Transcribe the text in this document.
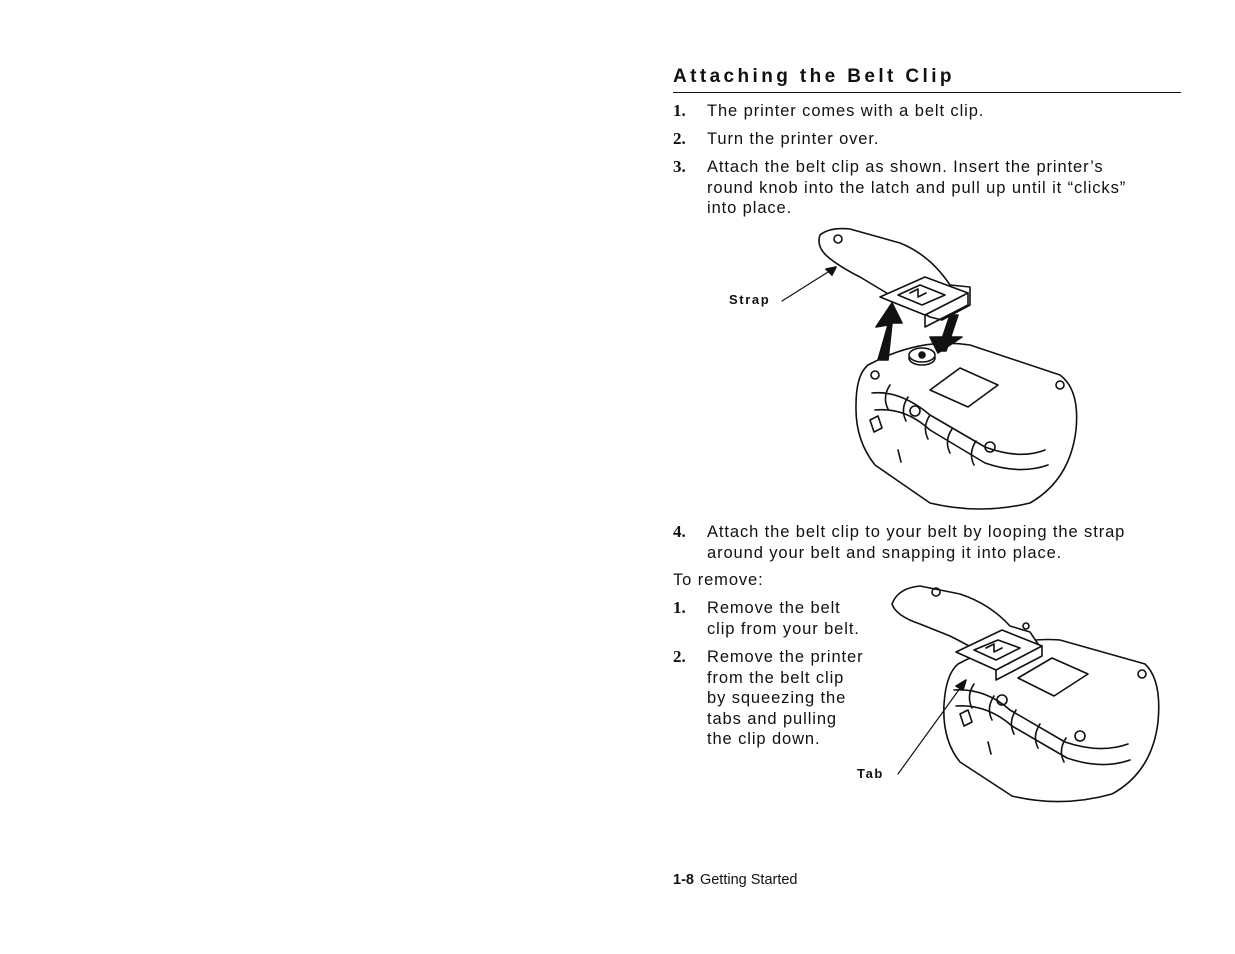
Attaching the Belt Clip
1.	The printer comes with a belt clip.
2.	Turn the printer over.
3.	Attach the belt clip as shown. Insert the printer’s
round knob into the latch and pull up until it “clicks”
into place.
Strap
4.	Attach the belt clip to your belt by looping the strap
around your belt and snapping it into place.
To remove:
1.	Remove the belt
clip from your belt.
2.	Remove the printer
from the belt clip
by squeezing the
tabs and pulling
the clip down.
Tab
1-8 Getting Started
